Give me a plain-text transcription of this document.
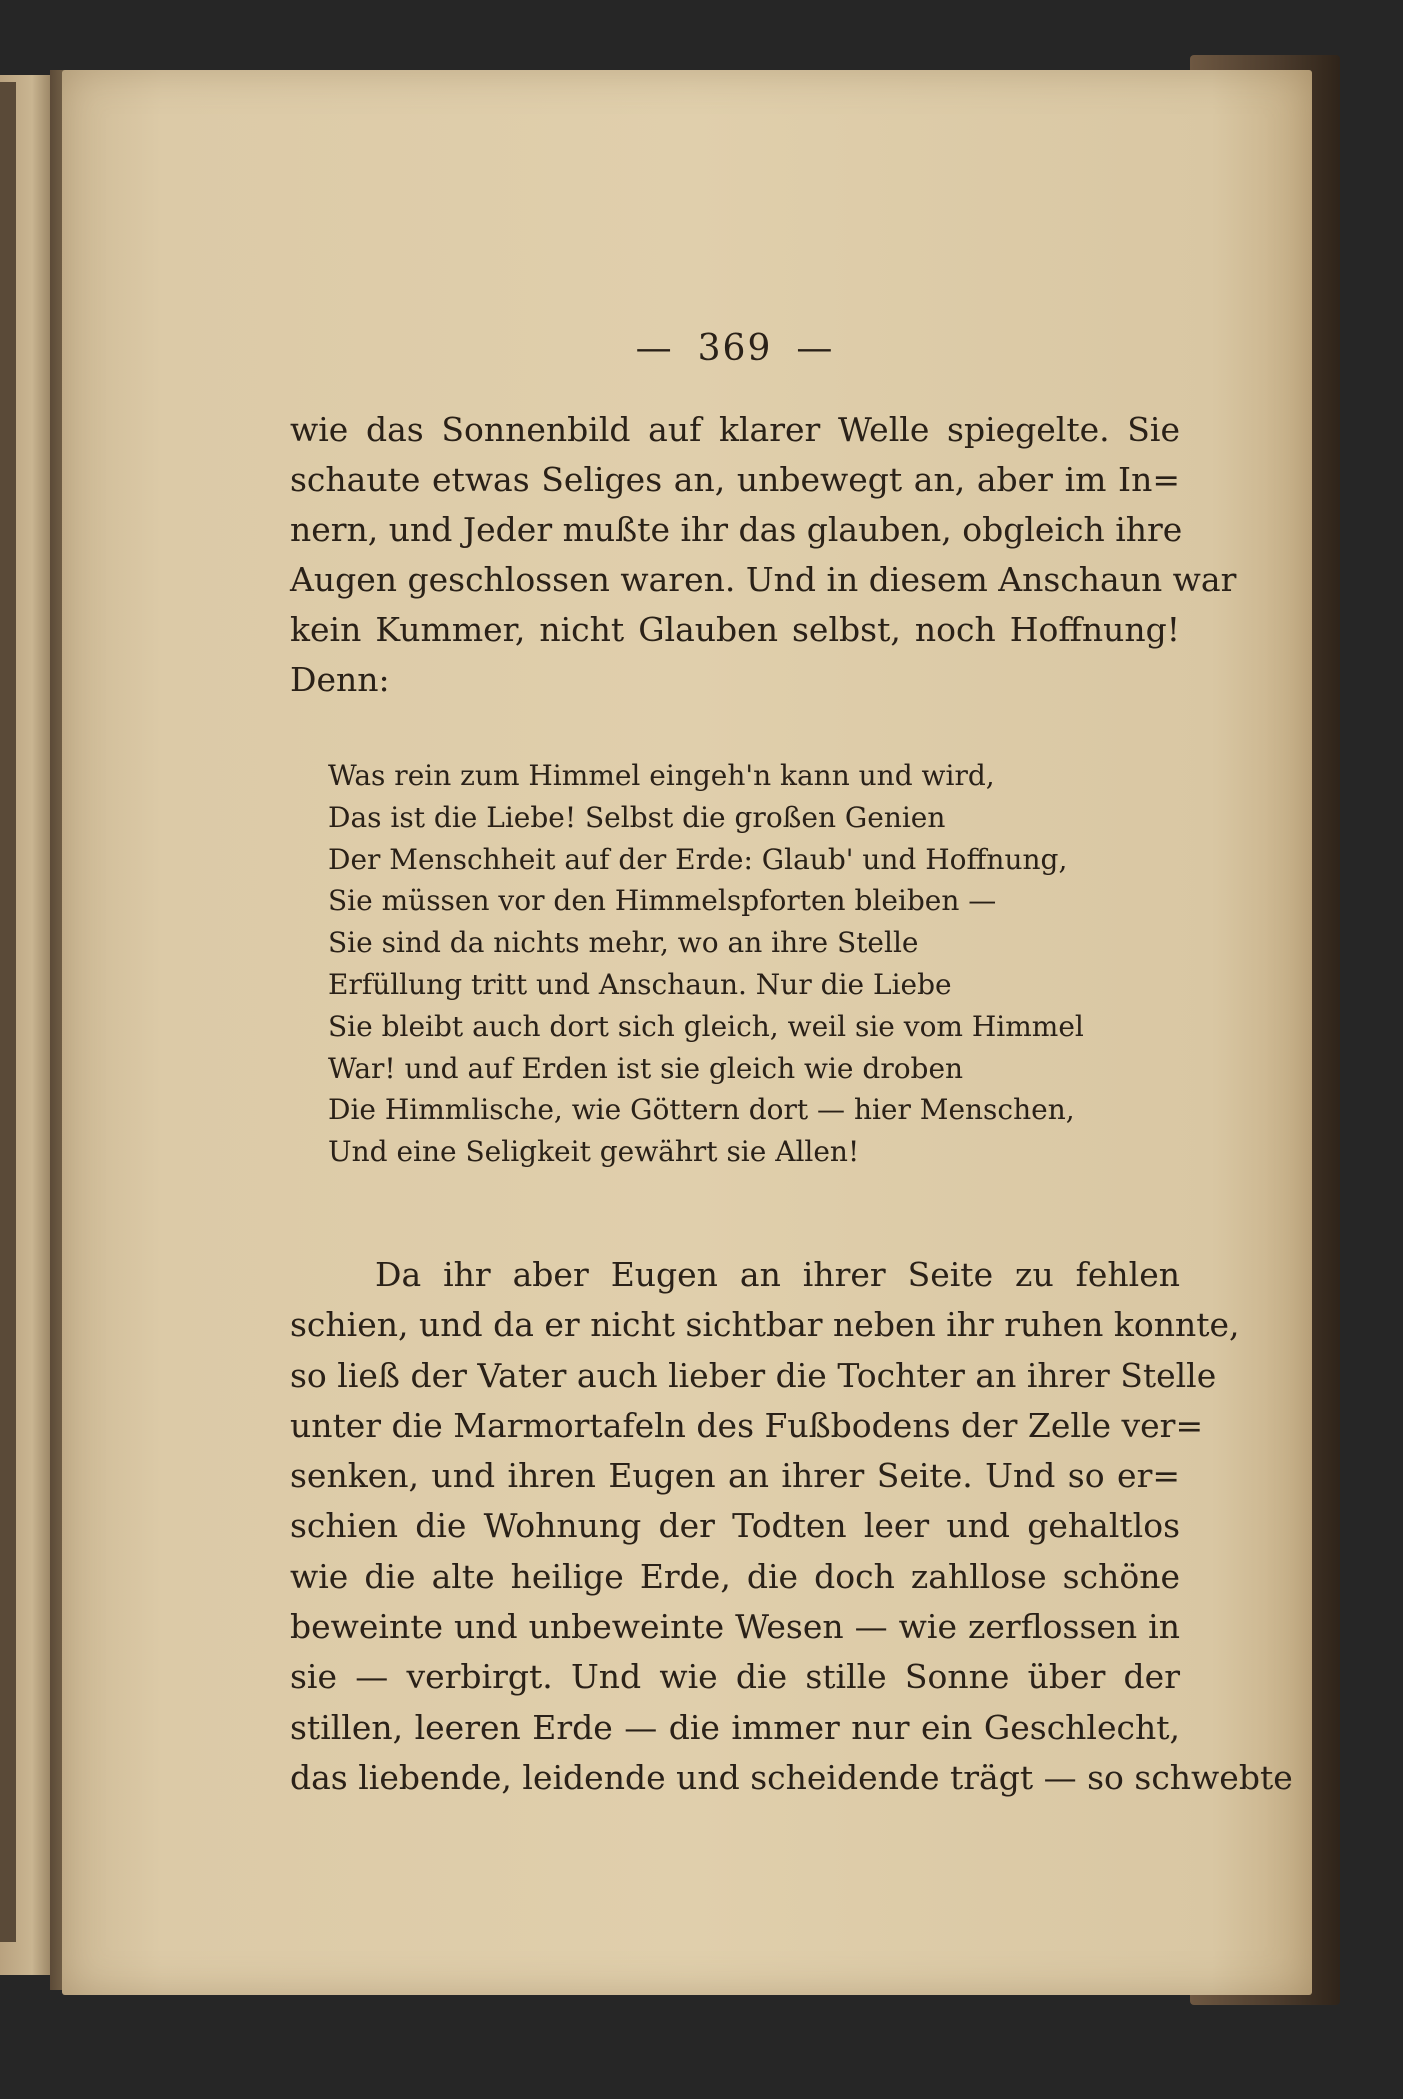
— 369 —
wie das Sonnenbild auf klarer Welle spiegelte. Sie
schaute etwas Seliges an, unbewegt an, aber im In=
nern, und Jeder mußte ihr das glauben, obgleich ihre
Augen geschlossen waren. Und in diesem Anschaun war
kein Kummer, nicht Glauben selbst, noch Hoffnung!
Denn:
Was rein zum Himmel eingeh'n kann und wird,
Das ist die Liebe! Selbst die großen Genien
Der Menschheit auf der Erde: Glaub' und Hoffnung,
Sie müssen vor den Himmelspforten bleiben —
Sie sind da nichts mehr, wo an ihre Stelle
Erfüllung tritt und Anschaun. Nur die Liebe
Sie bleibt auch dort sich gleich, weil sie vom Himmel
War! und auf Erden ist sie gleich wie droben
Die Himmlische, wie Göttern dort — hier Menschen,
Und eine Seligkeit gewährt sie Allen!
Da ihr aber Eugen an ihrer Seite zu fehlen
schien, und da er nicht sichtbar neben ihr ruhen konnte,
so ließ der Vater auch lieber die Tochter an ihrer Stelle
unter die Marmortafeln des Fußbodens der Zelle ver=
senken, und ihren Eugen an ihrer Seite. Und so er=
schien die Wohnung der Todten leer und gehaltlos
wie die alte heilige Erde, die doch zahllose schöne
beweinte und unbeweinte Wesen — wie zerflossen in
sie — verbirgt. Und wie die stille Sonne über der
stillen, leeren Erde — die immer nur ein Geschlecht,
das liebende, leidende und scheidende trägt — so schwebte
